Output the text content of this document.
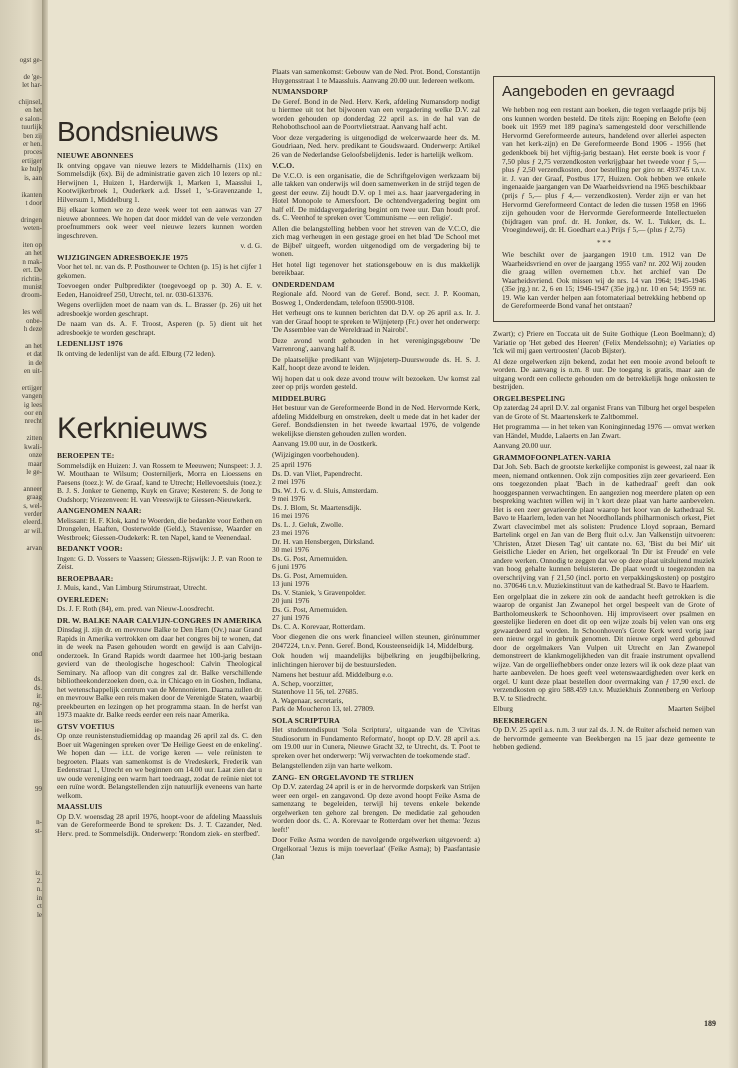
ogst ge-

de 'ge-
let har-

chijnsel,
en het
e salon-
tuurlijk
ben zij
er hen.
proces
ertijger
ke hulp
is, aan

ikanten
t door

dringen
weten-

iten op
an het
n mak-
ert. De
richtin-
munist
droom-

les wel
onbe-
h deze

an het
et dat
in de
en uit-

ertijger
vangen
ig lees
oor en
nrecht

zitten
kwali-
onze
maar
le ge-

anneer
graag
s, wel-
verder
eleerd.
ar wil.

arvan
ond

ds.
ds.
ir.
ng-
an
us-
ie-
ds.

99

n-
st-

iz.
2.
n.
in
ct
le
Bondsnieuws
NIEUWE ABONNEES

Ik ontving opgave van nieuwe lezers te Middelharnis (11x) en Sommelsdijk (6x). Bij de administratie gaven zich 10 lezers op nl.: Herwijnen 1, Huizen 1, Harderwijk 1, Marken 1, Maasslui 1, Kootwijkerbroek 1, Ouderkerk a.d. IJssel 1, 's-Gravenzande 1, Hilversum 1, Middelburg 1.

Bij elkaar komen we zo deze week weer tot een aanwas van 27 nieuwe abonnees. We hopen dat door middel van de vele verzonden proefnummers ook weer veel nieuwe lezers kunnen worden ingeschreven.

v. d. G.

WIJZIGINGEN ADRESBOEKJE 1975

Voor het tel. nr. van ds. P. Posthouwer te Ochten (p. 15) is het cijfer 1 gekomen.

Toevoegen onder Pulbpredikter (toegevoegd op p. 30) A. E. v. Eeden, Hanoidreef 250, Utrecht, tel. nr. 030-613376.

Wegens overlijden moet de naam van ds. L. Brasser (p. 26) uit het adresboekje worden geschrapt.

De naam van ds. A. F. Troost, Asperen (p. 5) dient uit het adresboekje te worden geschrapt.

LEDENLIJST 1976

Ik ontving de ledenlijst van de afd. Elburg (72 leden).

Kerknieuws
BEROEPEN TE:

Sommelsdijk en Huizen: J. van Rossem te Meeuwen; Nunspeet: J. J. W. Mouthaan te Wilsum; Oosterniljerk, Morra en Lioessens en Paesens (toez.): W. de Graaf, kand te Utrecht; Hellevoetsluis (toez.): B. J. S. Jonker te Genemp, Kuyk en Grave; Kesteren: S. de Jong te Oudshorp; Vriezenveen: H. van Vreeswijk te Giessen-Nieuwkerk.

AANGENOMEN NAAR:

Melissant: H. F. Klok, kand te Woerden, die bedankte voor Eethen en Drongelen, Haaften, Oosterwolde (Geld.), Stavenisse, Waarder en Westbroek; Giessen-Oudekerk: R. ten Napel, kand te Veenendaal.

BEDANKT VOOR:

Ingen: G. D. Vossers te Vaassen; Giessen-Rijswijk: J. P. van Roon te Zeist.

BEROEPBAAR:

J. Muis, kand., Van Limburg Stirumstraat, Utrecht.

OVERLEDEN:

Ds. J. F. Roth (84), em. pred. van Nieuw-Loosdrecht.

DR. W. BALKE NAAR CALVIJN-CONGRES IN AMERIKA

Dinsdag jl. zijn dr. en mevrouw Balke te Den Ham (Ov.) naar Grand Rapids in Amerika vertrokken om daar het congres bij te wonen, dat in de week na Pasen gehouden wordt en gewijd is aan Calvijn-onderzoek. In Grand Rapids wordt daarmee het 100-jarig bestaan gevierd van de theologische hogeschool: Calvin Theological Seminary. Na afloop van dit congres zal dr. Balke verschillende bibliotheekonderzoeken doen, o.a. in Chicago en in Goshen, Indiana, het wetenschappelijk centrum van de Mennonieten. Daarna zullen dr. en mevrouw Balke een reis maken door de Verenigde Staten, waarbij preekbeurten en lezingen op het programma staan. In de herfst van 1973 maakte dr. Balke reeds eerder een reis naar Amerika.

GTSV VOETIUS

Op onze reunistenstudiemiddag op maandag 26 april zal ds. C. den Boer uit Wageningen spreken over 'De Heilige Geest en de enkeling'. We hopen dan — i.t.t. de vorige keren — vele reünisten te begroeten. Plaats van samenkomst is de Vredeskerk, Frederik van Eedenstraat 1, Utrecht en we beginnen om 14.00 uur. Laat zien dat u uw oude vereniging een warm hart toedraagt, zodat de reünie niet tot een ruïne wordt. Belangstellenden zijn natuurlijk eveneens van harte welkom.

MAASSLUIS

Op D.V. woensdag 28 april 1976, hoopt-voor de afdeling Maassluis van de Gereformeerde Bond te spreken: Ds. J. T. Cazander, Ned. Herv. pred. te Sommelsdijk. Onderwerp: 'Rondom ziek- en sterfbed'.

Plaats van samenkomst: Gebouw van de Ned. Prot. Bond, Constantijn Huygensstraat 1 te Maassluis. Aanvang 20.00 uur. Iedereen welkom.

NUMANSDORP

De Geref. Bond in de Ned. Herv. Kerk, afdeling Numansdorp nodigt u hiermee uit tot het bijwonen van een vergadering welke D.V. zal worden gehouden op donderdag 22 april a.s. in de hal van de Rehobothschool aan de Poortvlietstraat. Aanvang half acht.

Voor deze vergadering is uitgenodigd de welcerwaarde heer ds. M. Goudriaan, Ned. herv. predikant te Goudswaard. Onderwerp: Artikel 26 van de Nederlandse Geloofsbelijdenis. Ieder is hartelijk welkom.

V.C.O.

De V.C.O. is een organisatie, die de Schriftgelovigen werkzaam bij alle takken van onderwijs wil doen samenwerken in de strijd tegen de geest der eeuw. Zij houdt D.V. op 1 mei a.s. haar jaarvergadering in Hotel Monopole te Amersfoort. De ochtendvergadering begint om half elf. De middagvergadering begint om twee uur. Dan houdt prof. ds. C. Veenhof te spreken over 'Communisme — een religie'.

Allen die belangstelling hebben voor het streven van de V.C.O, die zich mag verheugen in een gestage groei en het blad 'De School met de Bijbel' uitgeeft, worden uitgenodigd om de vergadering bij te wonen.

Het hotel ligt tegenover het stationsgebouw en is dus makkelijk bereikbaar.

ONDERDENDAM

Regionale afd. Noord van de Geref. Bond, secr. J. P. Kooman, Bosweg 1, Onderdendam, telefoon 05900-9108.

Het verheugt ons te kunnen berichten dat D.V. op 26 april a.s. Ir. J. van der Graaf hoopt te spreken te Wijnjeterp (Fr.) over het onderwerp: 'De Assemblee van de Wereldraad in Nairobi'.

Deze avond wordt gehouden in het verenigingsgebouw 'De Varrenrong', aanvang half 8.

De plaatselijke predikant van Wijnjeterp-Duurswoude ds. H. S. J. Kalf, hoopt deze avond te leiden.

Wij hopen dat u ook deze avond trouw wilt bezoeken. Uw komst zal zeer op prijs worden gesteld.

MIDDELBURG

Het bestuur van de Gereformeerde Bond in de Ned. Hervormde Kerk, afdeling Middelburg en omstreken, deelt u mede dat in het kader der Geref. Bondsdiensten in het tweede kwartaal 1976, de volgende wekelijkse diensten gehouden zullen worden.

Aanvang 19.00 uur, in de Oostkerk.

(Wijzigingen voorbehouden).

25 april 1976
Ds. D. van Vliet, Papendrecht.
2 mei 1976
Ds. W. J. G. v. d. Sluis, Amsterdam.
9 mei 1976
Ds. J. Blom, St. Maartensdijk.
16 mei 1976
Ds. L. J. Geluk, Zwolle.
23 mei 1976
Dr. H. van Hensbergen, Dirksland.
30 mei 1976
Ds. G. Post, Arnemuiden.
6 juni 1976
Ds. G. Post, Arnemuiden.
13 juni 1976
Ds. V. Staniek, 's Gravenpolder.
20 juni 1976
Ds. G. Post, Arnemuiden.
27 juni 1976
Ds. C. A. Korevaar, Rotterdam.

Voor diegenen die ons werk financieel willen steunen, girónummer 2047224, t.n.v. Penn. Geref. Bond, Kousteenseidijk 14, Middelburg.

Ook houden wij maandelijks bijbelkring en jeugdbijbelkring, inlichtingen hierover bij de bestuursleden.

Namens het bestuur afd. Middelburg e.o.
A. Schep, voorzitter,
Statenhove 11 56, tel. 27685.
A. Wagenaar, secretaris,
Park de Moucheron 13, tel. 27809.

SOLA SCRIPTURA

Het studentendispuut 'Sola Scriptura', uitgaande van de 'Civitas Studiosorum in Fundamento Reformato', hoopt op D.V. 28 april a.s. om 19.00 uur in Cunera, Nieuwe Gracht 32, te Utrecht, ds. T. Poot te spreken over het onderwerp: 'Wij verwachten de toekomende stad'.

Belangstellenden zijn van harte welkom.

ZANG- EN ORGELAVOND TE STRIJEN

Op D.V. zaterdag 24 april is er in de hervormde dorpskerk van Strijen weer een orgel- en zangavond. Op deze avond hoopt Feike Asma de samenzang te begeleiden, terwijl hij tevens enkele bekende orgelwerken ten gehore zal brengen. De medidatie zal gehouden worden door ds. C. A. Korevaar te Rotterdam over het thema: 'Jezus leeft!'

Door Feike Asma worden de navolgende orgelwerken uitgevoerd: a) Orgelkoraal 'Jezus is mijn toeverlaat' (Feike Asma); b) Paasfantasie (Jan

Aangeboden en gevraagd
We hebben nog een restant aan boeken, die tegen verlaagde prijs bij ons kunnen worden besteld. De titels zijn: Roeping en Belofte (een boek uit 1959 met 189 pagina's samengesteld door verschillende Hervormd Gereformeerde auteurs, handelend over allerlei aspecten van het kerk-zijn) en De Gereformeerde Bond 1906 - 1956 (het gedenkboek bij het vijftig-jarig bestaan). Het eerste boek is voor ƒ 7,50 plus ƒ 2,75 verzendkosten verkrijgbaar het tweede voor ƒ 5,— plus ƒ 2,50 verzendkosten, door bestelling per giro nr. 493745 t.n.v. ir. J. van der Graaf, Postbus 177, Huizen. Ook hebben we enkele ingenaaide jaargangen van De Waarheidsvriend na 1965 beschikbaar (prijs ƒ 5,— plus ƒ 4,— verzendkosten). Verder zijn er van het Hervormd Gereformeerd Contact de leden die tussen 1958 en 1966 zijn gehouden voor de Hervormde Gereformeerde Intellectuelen (bijdragen van prof. dr. H. Jonker, ds. W. L. Tukker, ds. L. Vroegindeweij, dr. H. Goedhart e.a.) Prijs ƒ 5,— (plus ƒ 2,75)
* * *
Wie beschikt over de jaargangen 1910 t.m. 1912 van De Waarheidsvriend en over de jaargang 1955 van? nr. 202 Wij zouden die graag willen overnemen t.b.v. het archief van De Waarheidsvriend. Ook missen wij de nrs. 14 van 1964; 1945-1946 (35e jrg.) nr. 2, 6 en 15; 1946-1947 (35e jrg.) nr. 10 en 54; 1959 nr. 19. Wie kan verder helpen aan fotomateriaal betrekking hebbend op de Gereformeerde Bond vanaf het ontstaan?

Zwart); c) Priere en Toccata uit de Suite Gothique (Leon Boelmann); d) Variatie op 'Het gebed des Heeren' (Felix Mendelssohn); e) Variaties op 'Ick wil mij gaen vertroosten' (Jacob Bijster).

Al deze orgelwerken zijn bekend, zodat het een mooie avond belooft te worden. De aanvang is n.m. 8 uur. De toegang is gratis, maar aan de uitgang wordt een collecte gehouden om de betrekkelijk hoge onkosten te bestrijden.

ORGELBESPELING

Op zaterdag 24 april D.V. zal organist Frans van Tilburg het orgel bespelen van de Grote of St. Maartenskerk te Zaltbommel.

Het programma — in het teken van Koninginnedag 1976 — omvat werken van Händel, Mudde, Lalaerts en Jan Zwart.

Aanvang 20.00 uur.

GRAMMOFOONPLATEN-VARIA

Dat Joh. Seb. Bach de grootste kerkelijke componist is geweest, zal naar ik meen, niemand ontkennen. Ook zijn composities zijn zeer gevarieerd. Een ons toegezonden plaat 'Bach in de kathedraal' geeft dan ook hooggespannen verwachtingen. En aangezien nog meerdere platen op een bespreking wachten willen wij in 't kort deze plaat van harte aanbevelen. Het is een zeer gevarieerde plaat waarop het koor van de kathedraal St. Bavo te Haarlem, leden van het Noordhollands philharmonisch orkest, Piet Zwart clavecimbel met als solisten: Prudence Lloyd sopraan, Bernard Bartelink orgel en Jan van de Berg fluit o.l.v. Jan Valkenstijn uitvoeren: 'Christen, Ätzet Diesen Tag' uit cantate no. 63, 'Bist du bei Mir' uit Geistliche Lieder en Arien, het orgelkoraal 'In Dir ist Freude' en vele andere werken. Onnodig te zeggen dat we op deze plaat uitsluitend muziek van hoog gehalte kunnen beluisteren. De plaat wordt u toegezonden na overschrijving van ƒ 21,50 (incl. porto en verpakkingskosten) op postgiro no. 370646 t.n.v. Muziekinstituut van de kathedraal St. Bavo te Haarlem.

Een orgelplaat die in zekere zin ook de aandacht heeft getrokken is die waarop de organist Jan Zwanepol het orgel bespeelt van de Grote of Bartholomeuskerk te Schoonhoven. Hij improviseert over psalmen en geestelijke liederen en doet dit op een wijze zoals bij velen van ons erg gewaardeerd zal worden. In Schoonhoven's Grote Kerk werd vorig jaar een nieuw orgel in gebruik genomen. Dit nieuwe orgel werd gebouwd door de orgelmakers Van Vulpen uit Utrecht en Jan Zwanepol demonstreert de klankmogelijkheden van dit fraaie instrument opvallend wijze. Van de orgelliefhebbers onder onze lezers wil ik ook deze plaat van harte aanbevelen. De hoes geeft veel wetenswaardigheden over kerk en orgel. U kunt deze plaat bestellen door overmaking van ƒ 17,90 excl. de verzendkosten op giro 588.459 t.n.v. Muziekhuis Zonnenberg en Verloop B.V. te Sliedrecht.

Elburg	Maarten Seijbel
BEEKBERGEN

Op D.V. 25 april a.s. n.m. 3 uur zal ds. J. N. de Ruiter afscheid nemen van de hervormde gemeente van Beekbergen na 15 jaar deze gemeente te hebben gediend.

189
